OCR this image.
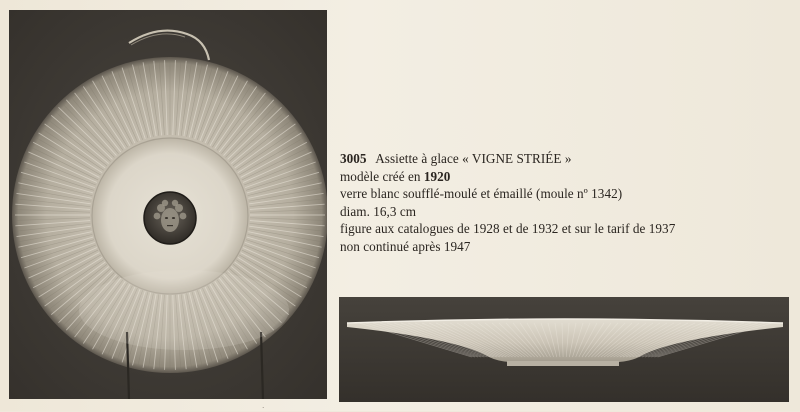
3005 Assiette à glace « VIGNE STRIÉE »
modèle créé en 1920
verre blanc soufflé-moulé et émaillé (moule nº 1342)
diam. 16,3 cm
figure aux catalogues de 1928 et de 1932 et sur le tarif de 1937
non continué après 1947
·
